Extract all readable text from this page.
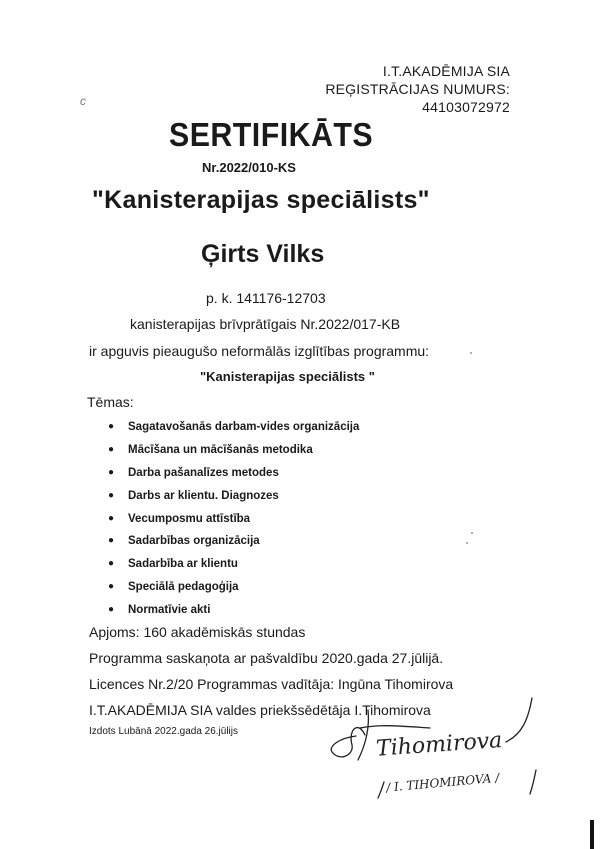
c
I.T.AKADĒMIJA SIA
REĢISTRĀCIJAS NUMURS:
44103072972
SERTIFIKĀTS
Nr.2022/010-KS
"Kanisterapijas speciālists"
Ģirts Vilks
p. k. 141176-12703
kanisterapijas brīvprātīgais Nr.2022/017-KB
ir apguvis pieaugušo neformālās izglītības programmu:
"Kanisterapijas speciālists "
Tēmas:
● Sagatavošanās darbam-vides organizācija
● Mācīšana un mācīšanās metodika
● Darba pašanalīzes metodes
● Darbs ar klientu. Diagnozes
● Vecumposmu attīstība
● Sadarbības organizācija
● Sadarbība ar klientu
● Speciālā pedagoģija
● Normatīvie akti
Apjoms: 160 akadēmiskās stundas
Programma saskaņota ar pašvaldību 2020.gada 27.jūlijā.
Licences Nr.2/20 Programmas vadītāja: Ingūna Tihomirova
I.T.AKADĒMIJA SIA valdes priekšsēdētāja I.Tihomirova
Izdots Lubānā 2022.gada 26.jūlijs	Tihomirova
/ I. TIHOMIROVA /
